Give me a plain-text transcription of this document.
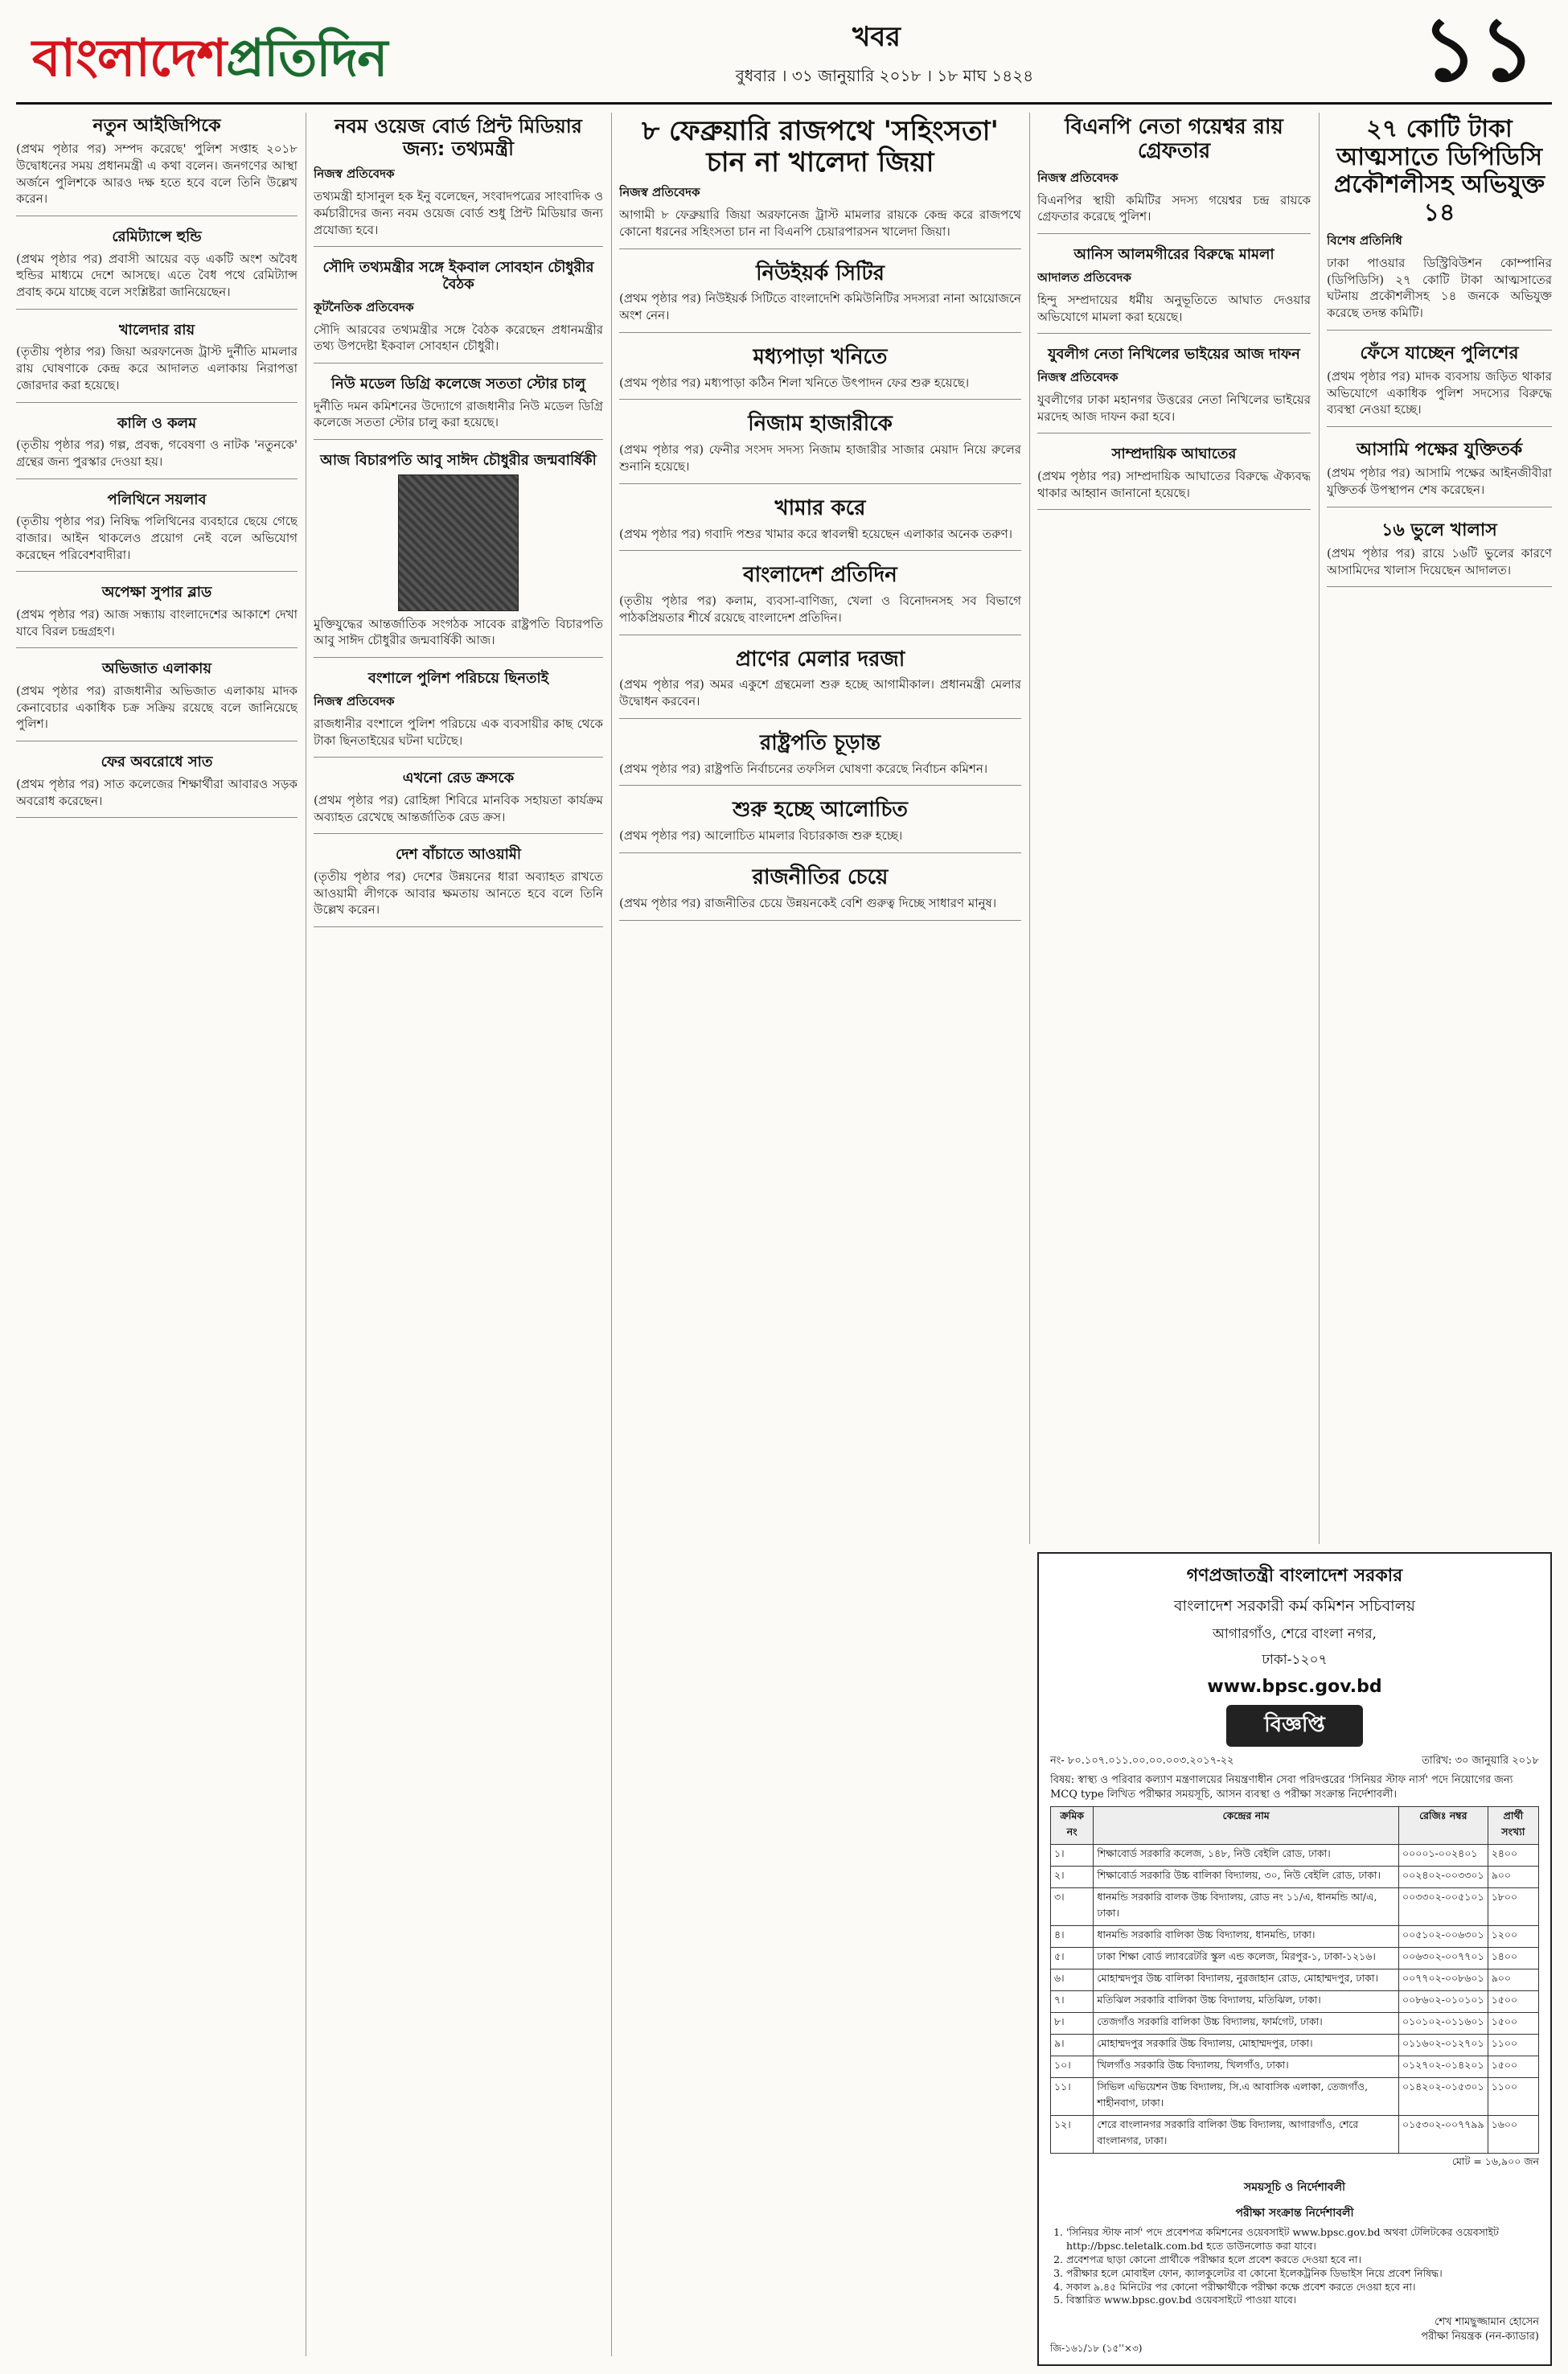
বাংলাদেশপ্রতিদিন	খবর
বুধবার । ৩১ জানুয়ারি ২০১৮ । ১৮ মাঘ ১৪২৪	১১
নতুন আইজিপিকে
(প্রথম পৃষ্ঠার পর) সম্পদ করেছে' পুলিশ সপ্তাহ ২০১৮ উদ্বোধনের সময় প্রধানমন্ত্রী এ কথা বলেন। জনগণের আস্থা অর্জনে পুলিশকে আরও দক্ষ হতে হবে বলে তিনি উল্লেখ করেন।
রেমিট্যান্সে হুন্ডি
(প্রথম পৃষ্ঠার পর) প্রবাসী আয়ের বড় একটি অংশ অবৈধ হুন্ডির মাধ্যমে দেশে আসছে। এতে বৈধ পথে রেমিট্যান্স প্রবাহ কমে যাচ্ছে বলে সংশ্লিষ্টরা জানিয়েছেন।
খালেদার রায়
(তৃতীয় পৃষ্ঠার পর) জিয়া অরফানেজ ট্রাস্ট দুর্নীতি মামলার রায় ঘোষণাকে কেন্দ্র করে আদালত এলাকায় নিরাপত্তা জোরদার করা হয়েছে।
কালি ও কলম
(তৃতীয় পৃষ্ঠার পর) গল্প, প্রবন্ধ, গবেষণা ও নাটক 'নতুনকে' গ্রন্থের জন্য পুরস্কার দেওয়া হয়।
পলিথিনে সয়লাব
(তৃতীয় পৃষ্ঠার পর) নিষিদ্ধ পলিথিনের ব্যবহারে ছেয়ে গেছে বাজার। আইন থাকলেও প্রয়োগ নেই বলে অভিযোগ করেছেন পরিবেশবাদীরা।
অপেক্ষা সুপার ব্লাড
(প্রথম পৃষ্ঠার পর) আজ সন্ধ্যায় বাংলাদেশের আকাশে দেখা যাবে বিরল চন্দ্রগ্রহণ।
অভিজাত এলাকায়
(প্রথম পৃষ্ঠার পর) রাজধানীর অভিজাত এলাকায় মাদক কেনাবেচার একাধিক চক্র সক্রিয় রয়েছে বলে জানিয়েছে পুলিশ।
ফের অবরোধে সাত
(প্রথম পৃষ্ঠার পর) সাত কলেজের শিক্ষার্থীরা আবারও সড়ক অবরোধ করেছেন।
নবম ওয়েজ বোর্ড প্রিন্ট মিডিয়ার জন্য: তথ্যমন্ত্রী
নিজস্ব প্রতিবেদক
তথ্যমন্ত্রী হাসানুল হক ইনু বলেছেন, সংবাদপত্রের সাংবাদিক ও কর্মচারীদের জন্য নবম ওয়েজ বোর্ড শুধু প্রিন্ট মিডিয়ার জন্য প্রযোজ্য হবে।
সৌদি তথ্যমন্ত্রীর সঙ্গে ইকবাল সোবহান চৌধুরীর বৈঠক
কূটনৈতিক প্রতিবেদক
সৌদি আরবের তথ্যমন্ত্রীর সঙ্গে বৈঠক করেছেন প্রধানমন্ত্রীর তথ্য উপদেষ্টা ইকবাল সোবহান চৌধুরী।
নিউ মডেল ডিগ্রি কলেজে সততা স্টোর চালু
দুর্নীতি দমন কমিশনের উদ্যোগে রাজধানীর নিউ মডেল ডিগ্রি কলেজে সততা স্টোর চালু করা হয়েছে।
আজ বিচারপতি আবু সাঈদ চৌধুরীর জন্মবার্ষিকী
মুক্তিযুদ্ধের আন্তর্জাতিক সংগঠক সাবেক রাষ্ট্রপতি বিচারপতি আবু সাঈদ চৌধুরীর জন্মবার্ষিকী আজ।
বংশালে পুলিশ পরিচয়ে ছিনতাই
নিজস্ব প্রতিবেদক
রাজধানীর বংশালে পুলিশ পরিচয়ে এক ব্যবসায়ীর কাছ থেকে টাকা ছিনতাইয়ের ঘটনা ঘটেছে।
এখনো রেড ক্রসকে
(প্রথম পৃষ্ঠার পর) রোহিঙ্গা শিবিরে মানবিক সহায়তা কার্যক্রম অব্যাহত রেখেছে আন্তর্জাতিক রেড ক্রস।
দেশ বাঁচাতে আওয়ামী
(তৃতীয় পৃষ্ঠার পর) দেশের উন্নয়নের ধারা অব্যাহত রাখতে আওয়ামী লীগকে আবার ক্ষমতায় আনতে হবে বলে তিনি উল্লেখ করেন।
৮ ফেব্রুয়ারি রাজপথে 'সহিংসতা' চান না খালেদা জিয়া
নিজস্ব প্রতিবেদক
আগামী ৮ ফেব্রুয়ারি জিয়া অরফানেজ ট্রাস্ট মামলার রায়কে কেন্দ্র করে রাজপথে কোনো ধরনের সহিংসতা চান না বিএনপি চেয়ারপারসন খালেদা জিয়া।
নিউইয়র্ক সিটির
(প্রথম পৃষ্ঠার পর) নিউইয়র্ক সিটিতে বাংলাদেশি কমিউনিটির সদস্যরা নানা আয়োজনে অংশ নেন।
মধ্যপাড়া খনিতে
(প্রথম পৃষ্ঠার পর) মধ্যপাড়া কঠিন শিলা খনিতে উৎপাদন ফের শুরু হয়েছে।
নিজাম হাজারীকে
(প্রথম পৃষ্ঠার পর) ফেনীর সংসদ সদস্য নিজাম হাজারীর সাজার মেয়াদ নিয়ে রুলের শুনানি হয়েছে।
খামার করে
(প্রথম পৃষ্ঠার পর) গবাদি পশুর খামার করে স্বাবলম্বী হয়েছেন এলাকার অনেক তরুণ।
বাংলাদেশ প্রতিদিন
(তৃতীয় পৃষ্ঠার পর) কলাম, ব্যবসা-বাণিজ্য, খেলা ও বিনোদনসহ সব বিভাগে পাঠকপ্রিয়তার শীর্ষে রয়েছে বাংলাদেশ প্রতিদিন।
প্রাণের মেলার দরজা
(প্রথম পৃষ্ঠার পর) অমর একুশে গ্রন্থমেলা শুরু হচ্ছে আগামীকাল। প্রধানমন্ত্রী মেলার উদ্বোধন করবেন।
রাষ্ট্রপতি চূড়ান্ত
(প্রথম পৃষ্ঠার পর) রাষ্ট্রপতি নির্বাচনের তফসিল ঘোষণা করেছে নির্বাচন কমিশন।
শুরু হচ্ছে আলোচিত
(প্রথম পৃষ্ঠার পর) আলোচিত মামলার বিচারকাজ শুরু হচ্ছে।
রাজনীতির চেয়ে
(প্রথম পৃষ্ঠার পর) রাজনীতির চেয়ে উন্নয়নকেই বেশি গুরুত্ব দিচ্ছে সাধারণ মানুষ।
বিএনপি নেতা গয়েশ্বর রায় গ্রেফতার
নিজস্ব প্রতিবেদক
বিএনপির স্থায়ী কমিটির সদস্য গয়েশ্বর চন্দ্র রায়কে গ্রেফতার করেছে পুলিশ।
আনিস আলমগীরের বিরুদ্ধে মামলা
আদালত প্রতিবেদক
হিন্দু সম্প্রদায়ের ধর্মীয় অনুভূতিতে আঘাত দেওয়ার অভিযোগে মামলা করা হয়েছে।
যুবলীগ নেতা নিখিলের ভাইয়ের আজ দাফন
নিজস্ব প্রতিবেদক
যুবলীগের ঢাকা মহানগর উত্তরের নেতা নিখিলের ভাইয়ের মরদেহ আজ দাফন করা হবে।
সাম্প্রদায়িক আঘাতের
(প্রথম পৃষ্ঠার পর) সাম্প্রদায়িক আঘাতের বিরুদ্ধে ঐক্যবদ্ধ থাকার আহ্বান জানানো হয়েছে।
২৭ কোটি টাকা আত্মসাতে ডিপিডিসি প্রকৌশলীসহ অভিযুক্ত ১৪
বিশেষ প্রতিনিধি
ঢাকা পাওয়ার ডিস্ট্রিবিউশন কোম্পানির (ডিপিডিসি) ২৭ কোটি টাকা আত্মসাতের ঘটনায় প্রকৌশলীসহ ১৪ জনকে অভিযুক্ত করেছে তদন্ত কমিটি।
ফেঁসে যাচ্ছেন পুলিশের
(প্রথম পৃষ্ঠার পর) মাদক ব্যবসায় জড়িত থাকার অভিযোগে একাধিক পুলিশ সদস্যের বিরুদ্ধে ব্যবস্থা নেওয়া হচ্ছে।
আসামি পক্ষের যুক্তিতর্ক
(প্রথম পৃষ্ঠার পর) আসামি পক্ষের আইনজীবীরা যুক্তিতর্ক উপস্থাপন শেষ করেছেন।
১৬ ভুলে খালাস
(প্রথম পৃষ্ঠার পর) রায়ে ১৬টি ভুলের কারণে আসামিদের খালাস দিয়েছেন আদালত।
গণপ্রজাতন্ত্রী বাংলাদেশ সরকার
বাংলাদেশ সরকারী কর্ম কমিশন সচিবালয়
আগারগাঁও, শেরে বাংলা নগর,
ঢাকা-১২০৭
www.bpsc.gov.bd
বিজ্ঞপ্তি
নং- ৮০.১০৭.০১১.০০.০০.০০৩.২০১৭-২২	তারিখ: ৩০ জানুয়ারি ২০১৮
বিষয়: স্বাস্থ্য ও পরিবার কল্যাণ মন্ত্রণালয়ের নিয়ন্ত্রণাধীন সেবা পরিদপ্তরের 'সিনিয়র স্টাফ নার্স' পদে নিয়োগের জন্য MCQ type লিখিত পরীক্ষার সময়সূচি, আসন ব্যবস্থা ও পরীক্ষা সংক্রান্ত নির্দেশাবলী।
ক্রমিক নং	কেন্দ্রের নাম	রেজিঃ নম্বর	প্রার্থী সংখ্যা
১।	শিক্ষাবোর্ড সরকারি কলেজ, ১৪৮, নিউ বেইলি রোড, ঢাকা।	০০০০১-০০২৪০১	২৪০০
২।	শিক্ষাবোর্ড সরকারি উচ্চ বালিকা বিদ্যালয়, ৩০, নিউ বেইলি রোড, ঢাকা।	০০২৪০২-০০৩৩০১	৯০০
৩।	ধানমন্ডি সরকারি বালক উচ্চ বিদ্যালয়, রোড নং ১১/এ, ধানমন্ডি আ/এ, ঢাকা।	০০৩৩০২-০০৫১০১	১৮০০
৪।	ধানমন্ডি সরকারি বালিকা উচ্চ বিদ্যালয়, ধানমন্ডি, ঢাকা।	০০৫১০২-০০৬৩০১	১২০০
৫।	ঢাকা শিক্ষা বোর্ড ল্যাবরেটরি স্কুল এন্ড কলেজ, মিরপুর-১, ঢাকা-১২১৬।	০০৬৩০২-০০৭৭০১	১৪০০
৬।	মোহাম্মদপুর উচ্চ বালিকা বিদ্যালয়, নুরজাহান রোড, মোহাম্মদপুর, ঢাকা।	০০৭৭০২-০০৮৬০১	৯০০
৭।	মতিঝিল সরকারি বালিকা উচ্চ বিদ্যালয়, মতিঝিল, ঢাকা।	০০৮৬০২-০১০১০১	১৫০০
৮।	তেজগাঁও সরকারি বালিকা উচ্চ বিদ্যালয়, ফার্মগেট, ঢাকা।	০১০১০২-০১১৬০১	১৫০০
৯।	মোহাম্মদপুর সরকারি উচ্চ বিদ্যালয়, মোহাম্মদপুর, ঢাকা।	০১১৬০২-০১২৭০১	১১০০
১০।	খিলগাঁও সরকারি উচ্চ বিদ্যালয়, খিলগাঁও, ঢাকা।	০১২৭০২-০১৪২০১	১৫০০
১১।	সিভিল এভিয়েশন উচ্চ বিদ্যালয়, সি.এ আবাসিক এলাকা, তেজগাঁও, শাহীনবাগ, ঢাকা।	০১৪২০২-০১৫৩০১	১১০০
১২।	শেরে বাংলানগর সরকারি বালিকা উচ্চ বিদ্যালয়, আগারগাঁও, শেরে বাংলানগর, ঢাকা।	০১৫৩০২-০০৭৭৯৯	১৬০০
মোট = ১৬,৯০০ জন
সময়সূচি ও নির্দেশাবলী
পরীক্ষা সংক্রান্ত নির্দেশাবলী
1. 'সিনিয়র স্টাফ নার্স' পদে প্রবেশপত্র কমিশনের ওয়েবসাইট www.bpsc.gov.bd অথবা টেলিটকের ওয়েবসাইট http://bpsc.teletalk.com.bd হতে ডাউনলোড করা যাবে।
2. প্রবেশপত্র ছাড়া কোনো প্রার্থীকে পরীক্ষার হলে প্রবেশ করতে দেওয়া হবে না।
3. পরীক্ষার হলে মোবাইল ফোন, ক্যালকুলেটর বা কোনো ইলেকট্রনিক ডিভাইস নিয়ে প্রবেশ নিষিদ্ধ।
4. সকাল ৯.৪৫ মিনিটের পর কোনো পরীক্ষার্থীকে পরীক্ষা কক্ষে প্রবেশ করতে দেওয়া হবে না।
5. বিস্তারিত www.bpsc.gov.bd ওয়েবসাইটে পাওয়া যাবে।
শেখ শামছুজ্জামান হোসেন
পরীক্ষা নিয়ন্ত্রক (নন-ক্যাডার)
জি-১৬১/১৮ (১৫''×৩)
